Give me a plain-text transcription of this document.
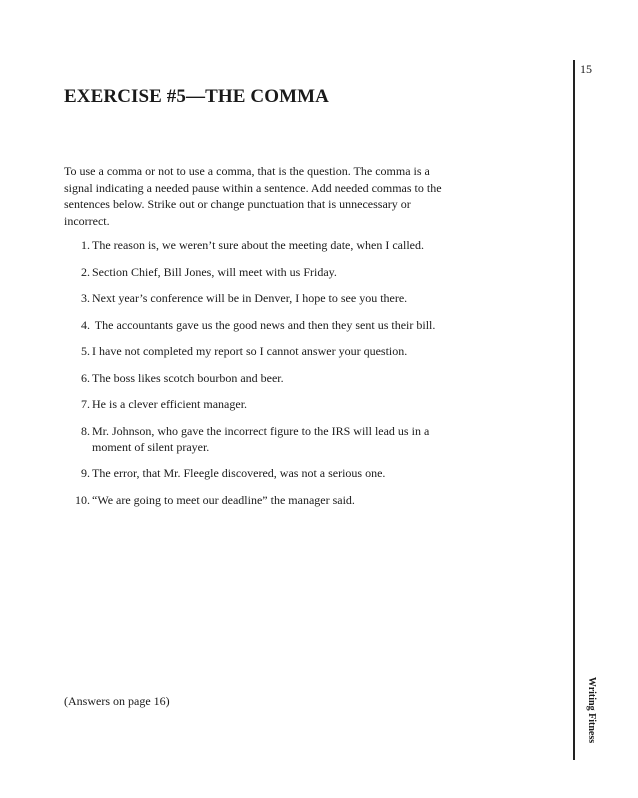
15
Writing Fitness
EXERCISE #5—THE COMMA
To use a comma or not to use a comma, that is the question. The comma is a
signal indicating a needed pause within a sentence. Add needed commas to the
sentences below. Strike out or change punctuation that is unnecessary or
incorrect.
1. The reason is, we weren’t sure about the meeting date, when I called.
2. Section Chief, Bill Jones, will meet with us Friday.
3. Next year’s conference will be in Denver, I hope to see you there.
4. The accountants gave us the good news and then they sent us their bill.
5. I have not completed my report so I cannot answer your question.
6. The boss likes scotch bourbon and beer.
7. He is a clever efficient manager.
8. Mr. Johnson, who gave the incorrect figure to the IRS will lead us in a
moment of silent prayer.
9. The error, that Mr. Fleegle discovered, was not a serious one.
10. “We are going to meet our deadline” the manager said.
(Answers on page 16)
